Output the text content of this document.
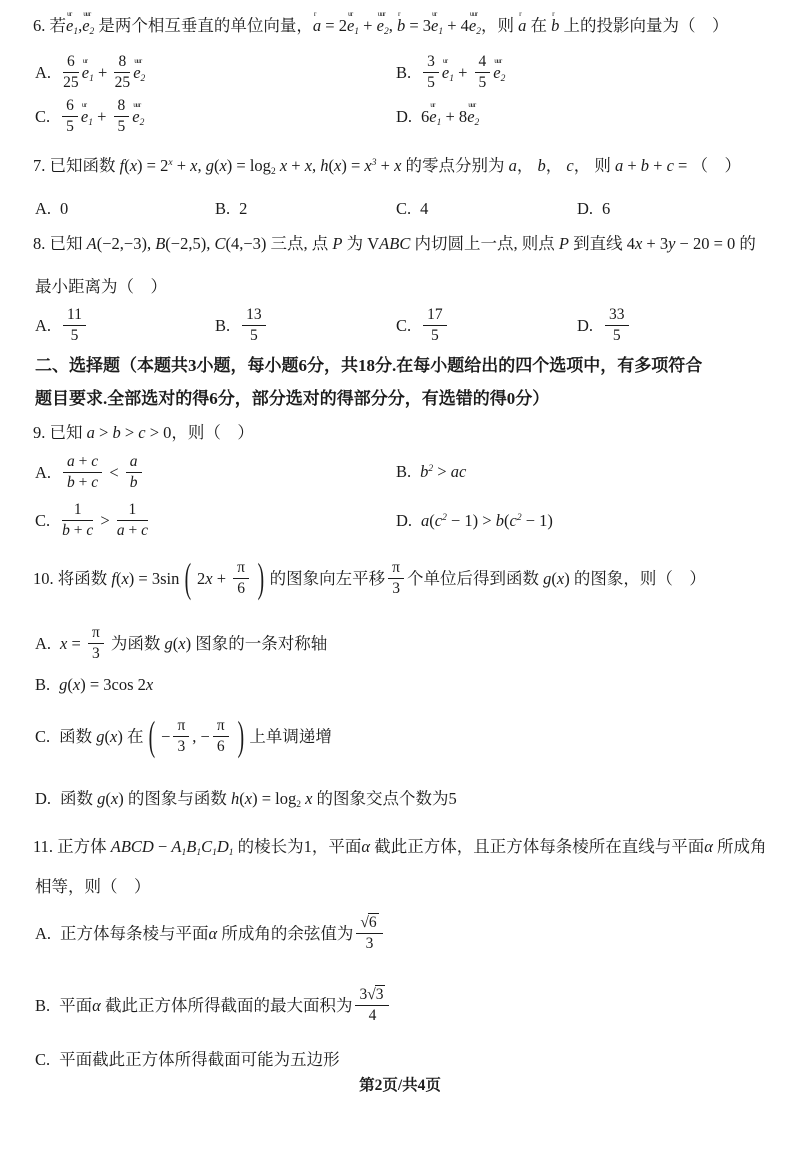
6. 若$e_1$
ur
$,e_2$
uur
是两个相互垂直的单位向量，a
r
= $2e_1$
ur
+ $e_2$
uur
, b
r
= $3e_1$
ur
+ $4e_2$
uur
，则 a
r
在 b
r
上的投影向量为（    ）
A. $\frac{6}{25} e_1$
ur
+ $\frac{8}{25} e_2$
uur
B. $\frac{3}{5} e_1$
ur
+ $\frac{4}{5} e_2$
uur
C. $\frac{6}{5} e_1$
ur
+ $\frac{8}{5} e_2$
uur
D. $6e_1$
ur
+ $8e_2$
uur
7. 已知函数 $f(x) = 2^x + x$, $g(x) = \log_2 x + x$, $h(x) = x^3 + x$ 的零点分别为 a， b， c， 则 a + b + c = （    ）
A. 0	B. 2	C. 4	D. 6
8. 已知 A(−2,−3), B(−2,5), C(4,−3) 三点, 点 P 为 VABC 内切圆上一点, 则点 P 到直线 4x + 3y − 20 = 0 的
最小距离为（    ）
A. $\frac{11}{5}$	B. $\frac{13}{5}$	C. $\frac{17}{5}$	D. $\frac{33}{5}$
二、选择题（本题共3小题，每小题6分，共18分.在每小题给出的四个选项中，有多项符合
题目要求.全部选对的得6分，部分选对的得部分分，有选错的得0分）
9. 已知 a > b > c > 0，则（    ）
A. $\frac{a + c}{b + c} < \frac{a}{b}$	B. $b^2$ > ac
C. $\frac{1}{b + c} > \frac{1}{a + c}$	D. $a(c^2 - 1) > b(c^2 - 1)$
10. 将函数 f(x) = 3sin ( $2x + \frac{\pi}{6}$ ) 的图象向左平移 $\frac{\pi}{3}$ 个单位后得到函数 g(x) 的图象，则（    ）
A. $x = \frac{\pi}{3}$ 为函数 g(x) 图象的一条对称轴
B. g(x) = 3cos 2x
C. 函数 g(x) 在 ( − $\frac{\pi}{3}$ , − $\frac{\pi}{6}$ ) 上单调递增
D. 函数 g(x) 的图象与函数 $h(x) = \log_2 x$ 的图象交点个数为5
11. 正方体 ABCD − $A_1B_1C_1D_1$ 的棱长为1，平面α 截此正方体，且正方体每条棱所在直线与平面α 所成角
相等，则（    ）
A. 正方体每条棱与平面α 所成角的余弦值为 $\frac{√6}{3}$
B. 平面α 截此正方体所得截面的最大面积为 $\frac{3√3}{4}$
C. 平面截此正方体所得截面可能为五边形
第2页/共4页
